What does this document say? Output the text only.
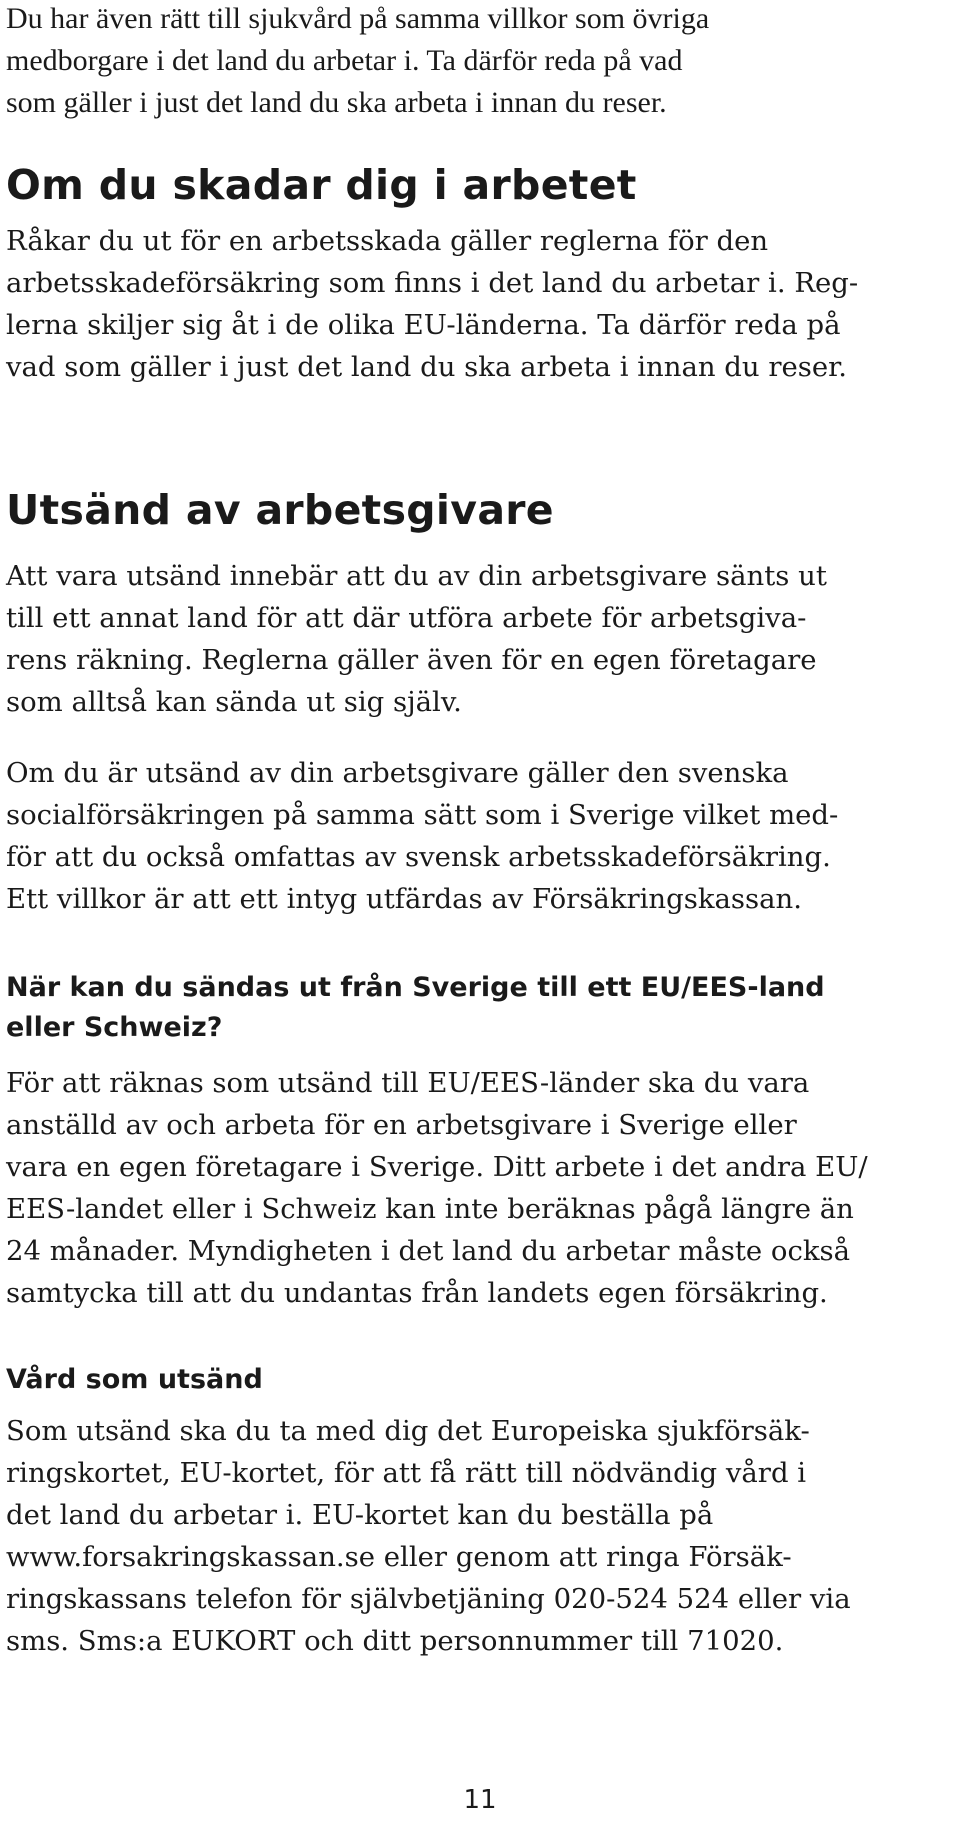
Du har även rätt till sjukvård på samma villkor som övriga
medborgare i det land du arbetar i. Ta därför reda på vad
som gäller i just det land du ska arbeta i innan du reser.

Om du skadar dig i arbetet

Råkar du ut för en arbetsskada gäller reglerna för den
arbetsskadeförsäkring som finns i det land du arbetar i. Reg-
lerna skiljer sig åt i de olika EU-länderna. Ta därför reda på
vad som gäller i just det land du ska arbeta i innan du reser.

Utsänd av arbetsgivare

Att vara utsänd innebär att du av din arbetsgivare sänts ut
till ett annat land för att där utföra arbete för arbetsgiva-
rens räkning. Reglerna gäller även för en egen företagare
som alltså kan sända ut sig själv.

Om du är utsänd av din arbetsgivare gäller den svenska
socialförsäkringen på samma sätt som i Sverige vilket med-
för att du också omfattas av svensk arbetsskadeförsäkring.
Ett villkor är att ett intyg utfärdas av Försäkringskassan.

När kan du sändas ut från Sverige till ett EU/EES-land
eller Schweiz?

För att räknas som utsänd till EU/EES-länder ska du vara
anställd av och arbeta för en arbetsgivare i Sverige eller
vara en egen företagare i Sverige. Ditt arbete i det andra EU/
EES-landet eller i Schweiz kan inte beräknas pågå längre än
24 månader. Myndigheten i det land du arbetar måste också
samtycka till att du undantas från landets egen försäkring.

Vård som utsänd

Som utsänd ska du ta med dig det Europeiska sjukförsäk-
ringskortet, EU-kortet, för att få rätt till nödvändig vård i
det land du arbetar i. EU-kortet kan du beställa på
www.forsakringskassan.se eller genom att ringa Försäk-
ringskassans telefon för självbetjäning 020-524 524 eller via
sms. Sms:a EUKORT och ditt personnummer till 71020.

11
